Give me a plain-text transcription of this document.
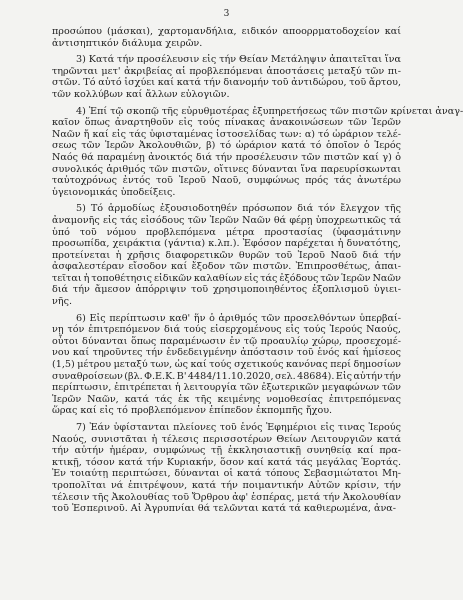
3
προσώπου (μάσκαι), χαρτομανδήλια, ειδικόν αποορρματοδοχείον καί
ἀντισηπτικόν διάλυμα χειρῶν.
3) Κατά τήν προσέλευσιν εἰς τήν Θείαν Μετάληψιν ἀπαιτεῖται ἵνα
τηρῶνται μετ' ἀκριβείας αἱ προβλεπόμεναι ἀποστάσεις μεταξύ τῶν πι-
στῶν. Τό αὐτό ἰσχύει καί κατά τήν διανομήν τοῦ ἀντιδώρου, τοῦ ἄρτου,
τῶν κολλύβων καί ἄλλων εὐλογιῶν.
4) Ἐπί τῷ σκοπῷ τῆς εὐρυθμοτέρας ἐξυπηρετήσεως τῶν πιστῶν κρίνεται ἀναγ-
καῖον ὅπως ἀναρτηθοῦν εἰς τούς πίνακας ἀνακοινώσεων τῶν Ἱερῶν
Ναῶν ἤ καί εἰς τάς ὑφισταμένας ἱστοσελίδας των: α) τό ὡράριον τελέ-
σεως τῶν Ἱερῶν Ἀκολουθιῶν, β) τό ὡράριον κατά τό ὁποῖον ὁ Ἱερός
Ναός θά παραμένῃ ἀνοικτός διά τήν προσέλευσιν τῶν πιστῶν καί γ) ὁ
συνολικός ἀριθμός τῶν πιστῶν, οἵτινες δύνανται ἵνα παρευρίσκωνται
ταὐτοχρόνως ἐντός τοῦ Ἱεροῦ Ναοῦ, συμφώνως πρός τάς ἀνωτέρω
ὑγειονομικάς ὑποδείξεις.
5) Τό ἁρμοδίως ἐξουσιοδοτηθέν πρόσωπον διά τόν ἔλεγχον τῆς
ἀναμονῆς εἰς τάς εἰσόδους τῶν Ἱερῶν Ναῶν θά φέρῃ ὑποχρεωτικῶς τά
ὑπό τοῦ νόμου προβλεπόμενα μέτρα προστασίας (ὑφασμάτινην
προσωπίδα, χειράκτια (γάντια) κ.λπ.). Ἐφόσον παρέχεται ἡ δυνατότης,
προτείνεται ἡ χρῆσις διαφορετικῶν θυρῶν τοῦ Ἱεροῦ Ναοῦ διά τήν
ἀσφαλεστέραν εἴσοδον καί ἔξοδον τῶν πιστῶν. Ἐπιπροσθέτως, ἀπαι-
τεῖται ἡ τοποθέτησις εἰδικῶν καλαθίων εἰς τάς ἐξόδους τῶν Ἱερῶν Ναῶν
διά τήν ἄμεσον ἀπόρριψιν τοῦ χρησιμοποιηθέντος ἐξοπλισμοῦ ὑγιει-
νῆς.
6) Εἰς περίπτωσιν καθ' ἥν ὁ ἀριθμός τῶν προσελθόντων ὑπερβαί-
νῃ τόν ἐπιτρεπόμενον διά τούς εἰσερχομένους εἰς τούς Ἱερούς Ναούς,
οὗτοι δύνανται ὅπως παραμένωσιν ἐν τῷ προαυλίῳ χώρῳ, προσεχομέ-
νου καί τηροῦντες τήν ἐνδεδειγμένην ἀπόστασιν τοῦ ἑνός καί ἡμίσεος
(1,5) μέτρου μεταξύ των, ὡς καί τούς σχετικούς κανόνας περί δημοσίων
συναθροίσεων (βλ. Φ.Ε.Κ. Β' 4484/11.10.2020, σελ. 48684). Εἰς αὐτήν τήν
περίπτωσιν, ἐπιτρέπεται ἡ λειτουργία τῶν ἐξωτερικῶν μεγαφώνων τῶν
Ἱερῶν Ναῶν, κατά τάς ἐκ τῆς κειμένης νομοθεσίας ἐπιτρεπόμενας
ὥρας καί εἰς τό προβλεπόμενον ἐπίπεδον ἐκπομπῆς ἤχου.
7) Ἐάν ὑφίστανται πλείονες τοῦ ἑνός Ἐφημέριοι εἰς τινας Ἱερούς
Ναούς, συνιστᾶται ἡ τέλεσις περισσοτέρων Θείων Λειτουργιῶν κατά
τήν αὐτήν ἡμέραν, συμφώνως τῇ ἐκκλησιαστικῇ συνηθείᾳ καί πρα-
κτικῇ, τόσον κατά τήν Κυριακήν, ὅσον καί κατά τάς μεγάλας Ἑορτάς.
Ἐν τοιαύτῃ περιπτώσει, δύνανται οἱ κατά τόπους Σεβασμιώτατοι Μη-
τροπολῖται νά ἐπιτρέψουν, κατά τήν ποιμαντικήν Αὐτῶν κρίσιν, τήν
τέλεσιν τῆς Ἀκολουθίας τοῦ Ὄρθρου ἀφ' ἑσπέρας, μετά τήν Ἀκολουθίαν
τοῦ Ἑσπερινοῦ. Αἱ Ἀγρυπνίαι θά τελῶνται κατά τά καθιερωμένα, ἀνα-
